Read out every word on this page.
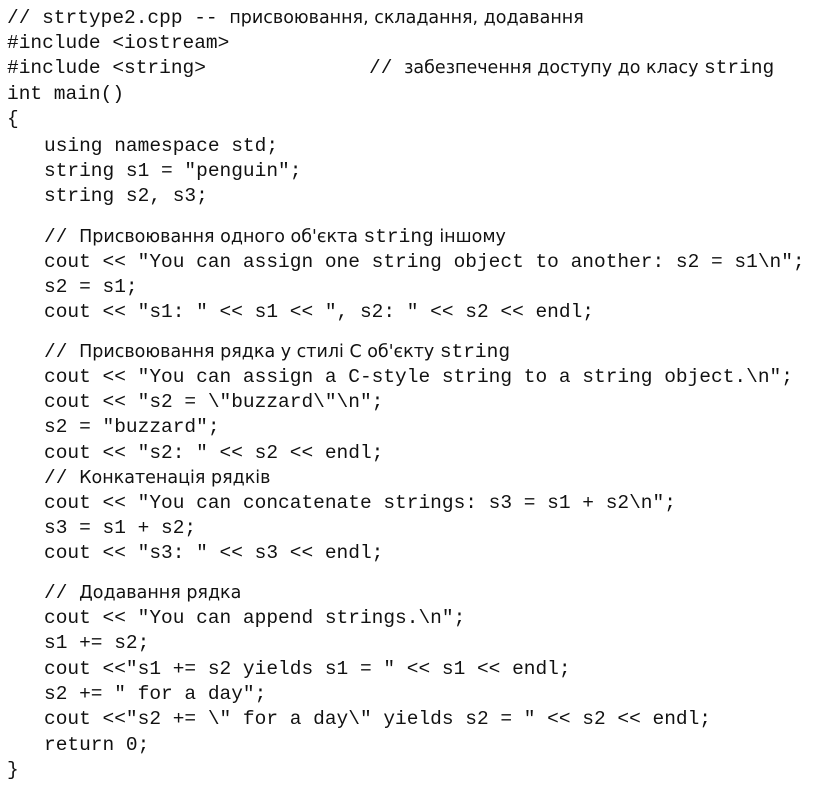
// strtype2.cpp -- присвоювання, складання, додавання
#include <iostream>
#include <string>	// забезпечення доступу до класу string
int main()
{
using namespace std;
string s1 = "penguin";
string s2, s3;
// Присвоювання одного об'єкта string іншому
cout << "You can assign one string object to another: s2 = s1\n";
s2 = s1;
cout << "s1: " << s1 << ", s2: " << s2 << endl;
// Присвоювання рядка у стилі С об'єкту string
cout << "You can assign a C-style string to a string object.\n";
cout << "s2 = \"buzzard\"\n";
s2 = "buzzard";
cout << "s2: " << s2 << endl;
// Конкатенація рядків
cout << "You can concatenate strings: s3 = s1 + s2\n";
s3 = s1 + s2;
cout << "s3: " << s3 << endl;
// Додавання рядка
cout << "You can append strings.\n";
s1 += s2;
cout <<"s1 += s2 yields s1 = " << s1 << endl;
s2 += " for a day";
cout <<"s2 += \" for a day\" yields s2 = " << s2 << endl;
return 0;
}
